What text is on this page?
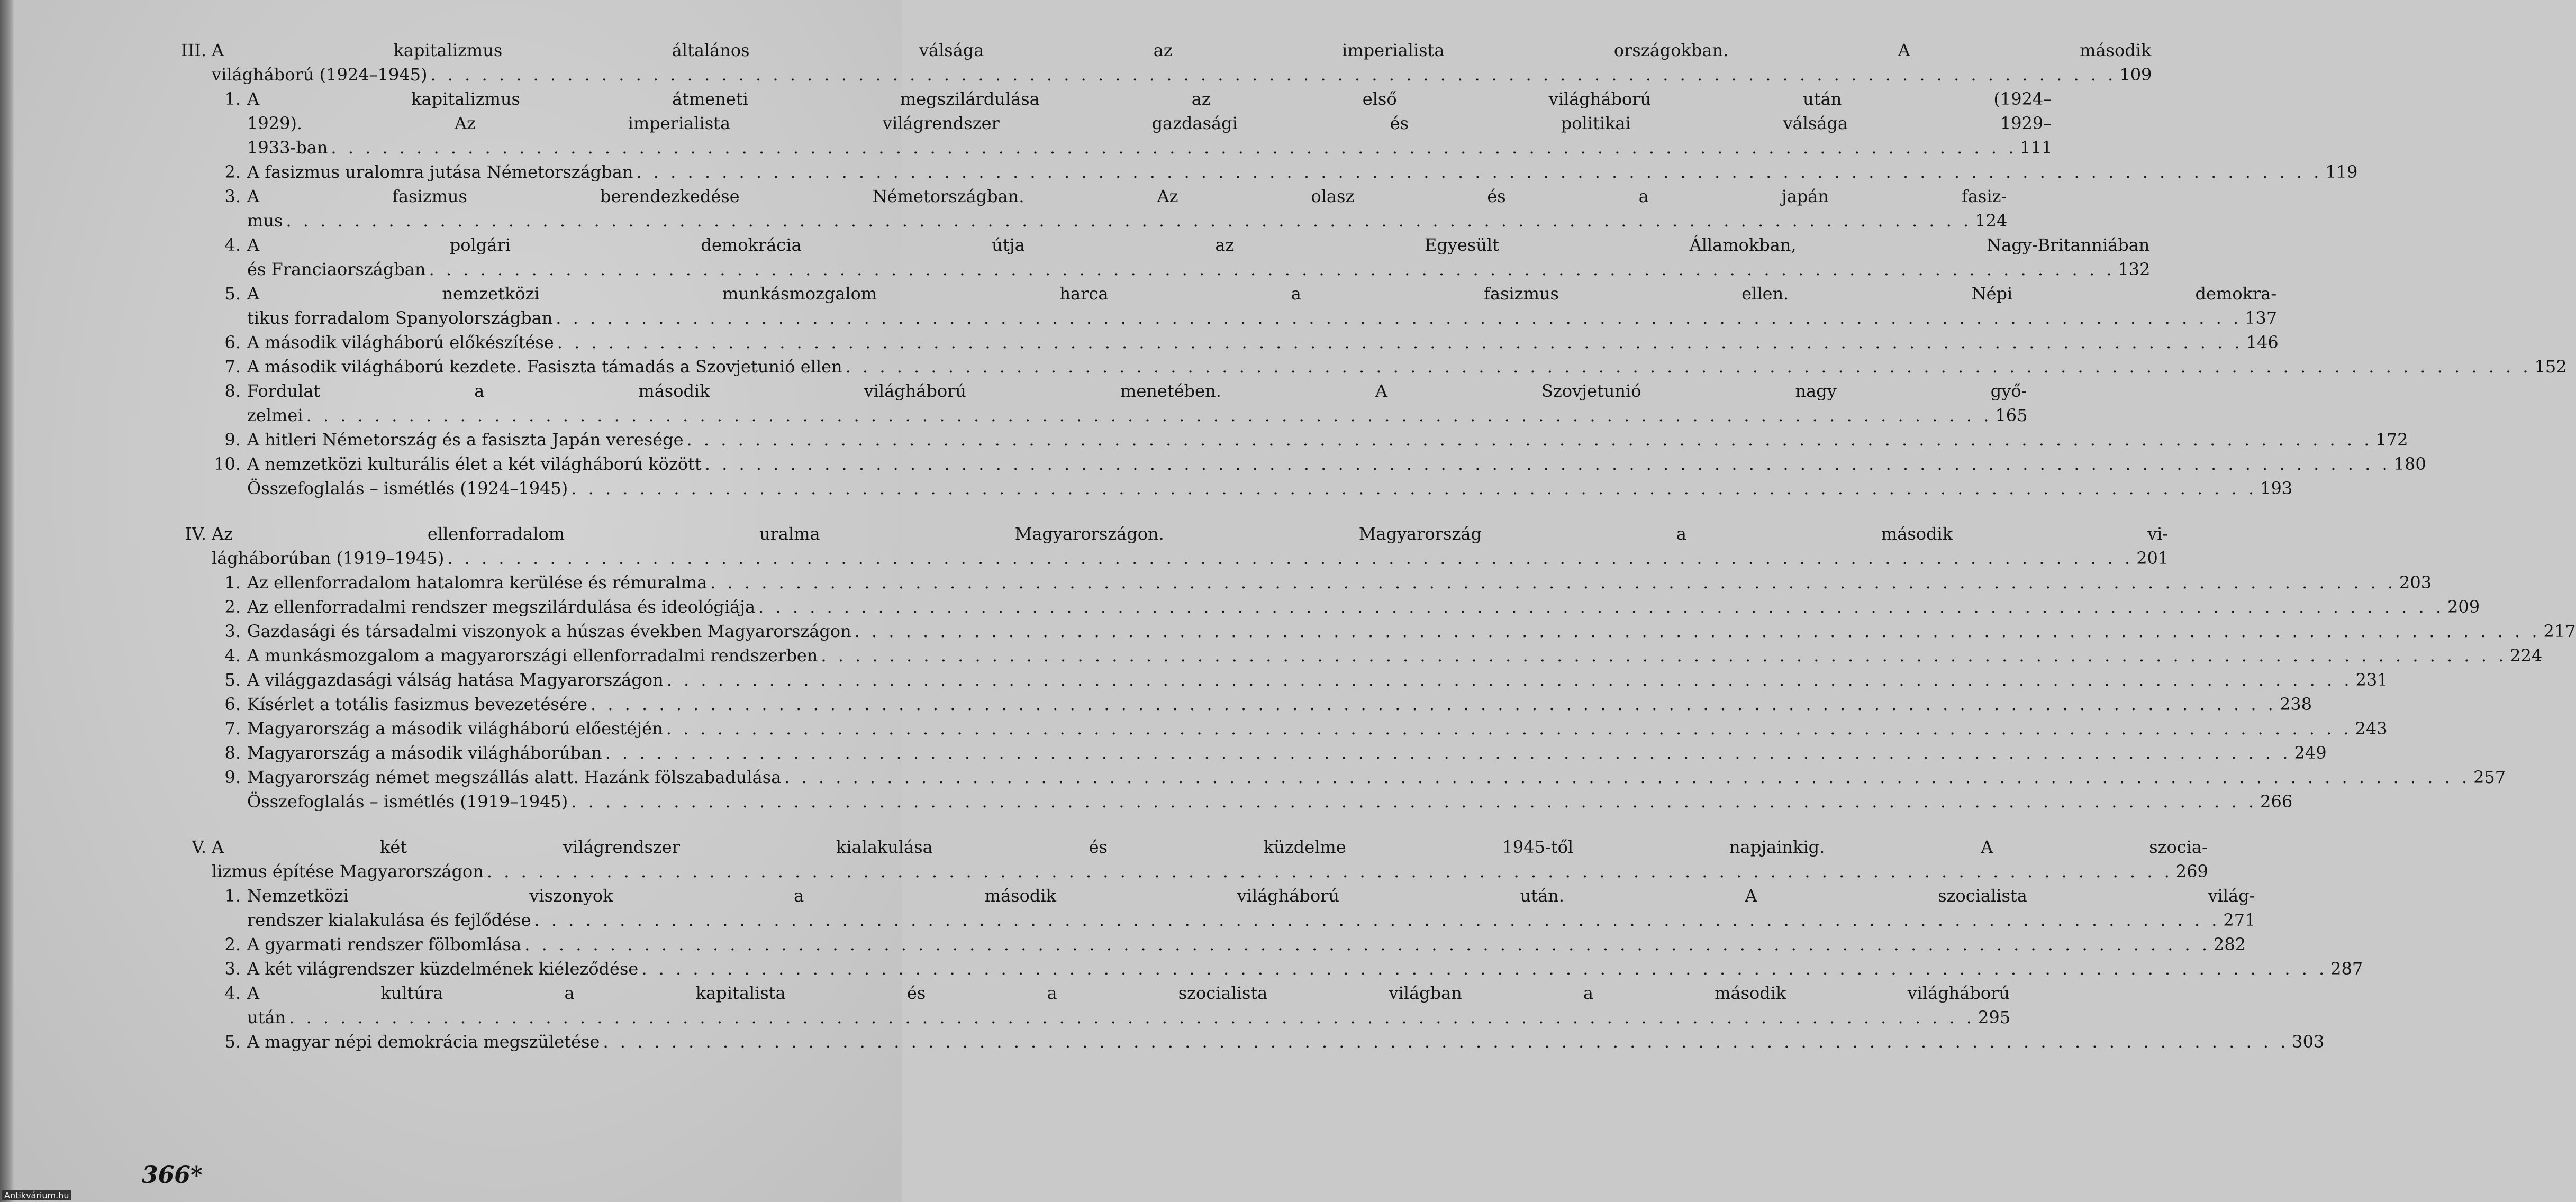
III. A kapitalizmus általános válsága az imperialista országokban. A második
világháború (1924–1945) . . .	109
1. A kapitalizmus átmeneti megszilárdulása az első világháború után (1924–
1929). Az imperialista világrendszer gazdasági és politikai válsága 1929–
1933-ban . . .	111
2. A fasizmus uralomra jutása Németországban . . .	119
3. A fasizmus berendezkedése Németországban. Az olasz és a japán fasiz-
mus . . .	124
4. A polgári demokrácia útja az Egyesült Államokban, Nagy-Britanniában
és Franciaországban . . .	132
5. A nemzetközi munkásmozgalom harca a fasizmus ellen. Népi demokra-
tikus forradalom Spanyolországban . . .	137
6. A második világháború előkészítése . . .	146
7. A második világháború kezdete. Fasiszta támadás a Szovjetunió ellen . . .	152
8. Fordulat a második világháború menetében. A Szovjetunió nagy győ-
zelmei . . .	165
9. A hitleri Németország és a fasiszta Japán veresége . . .	172
10. A nemzetközi kulturális élet a két világháború között . . .	180
Összefoglalás – ismétlés (1924–1945) . . .	193
IV. Az ellenforradalom uralma Magyarországon. Magyarország a második vi-
lágháborúban (1919–1945) . . .	201
1. Az ellenforradalom hatalomra kerülése és rémuralma . . .	203
2. Az ellenforradalmi rendszer megszilárdulása és ideológiája . . .	209
3. Gazdasági és társadalmi viszonyok a húszas években Magyarországon . . .	217
4. A munkásmozgalom a magyarországi ellenforradalmi rendszerben . . .	224
5. A világgazdasági válság hatása Magyarországon . . .	231
6. Kísérlet a totális fasizmus bevezetésére . . .	238
7. Magyarország a második világháború előestéjén . . .	243
8. Magyarország a második világháborúban . . .	249
9. Magyarország német megszállás alatt. Hazánk fölszabadulása . . .	257
Összefoglalás – ismétlés (1919–1945) . . .	266
V. A két világrendszer kialakulása és küzdelme 1945-től napjainkig. A szocia-
lizmus építése Magyarországon . . .	269
1. Nemzetközi viszonyok a második világháború után. A szocialista világ-
rendszer kialakulása és fejlődése . . .	271
2. A gyarmati rendszer fölbomlása . . .	282
3. A két világrendszer küzdelmének kiéleződése . . .	287
4. A kultúra a kapitalista és a szocialista világban a második világháború
után . . .	295
5. A magyar népi demokrácia megszületése . . .	303
366*
Antikvárium.hu
